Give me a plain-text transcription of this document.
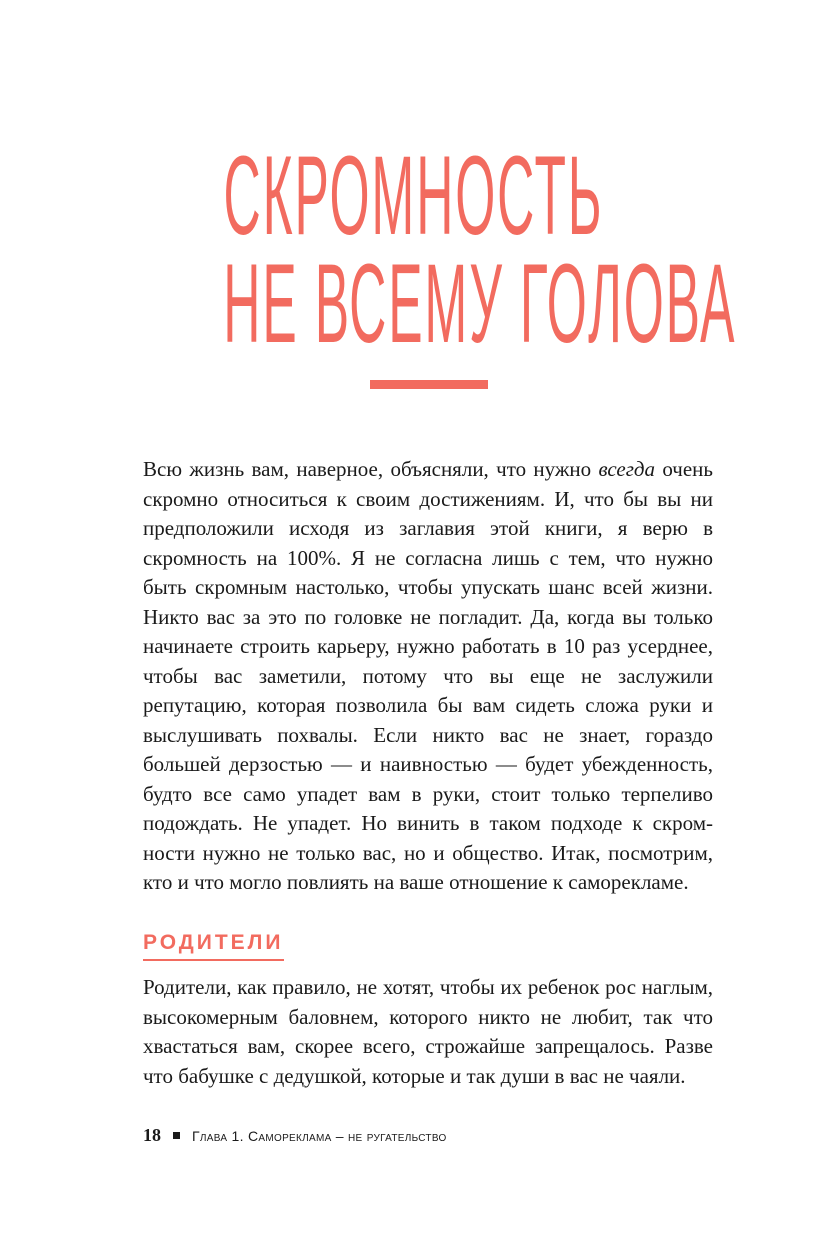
СКРОМНОСТЬ
НЕ ВСЕМУ ГОЛОВА

Всю жизнь вам, наверное, объясняли, что нужно всегда очень скромно относиться к своим достижениям. И, что бы вы ни предположили исходя из заглавия этой книги, я верю в скромность на 100%. Я не согласна лишь с тем, что нужно быть скромным настолько, чтобы упускать шанс всей жизни. Никто вас за это по головке не погладит. Да, когда вы только начинаете строить карьеру, нужно работать в 10 раз усерднее, чтобы вас заметили, потому что вы еще не заслужили репутацию, которая позволила бы вам сидеть сложа руки и выслушивать похвалы. Если никто вас не знает, гораздо большей дерзостью — и наивностью — будет убежденность, будто все само упадет вам в руки, стоит только терпеливо подождать. Не упадет. Но винить в таком подходе к скромности нужно не только вас, но и общество. Итак, посмотрим, кто и что могло повлиять на ваше отношение к саморекламе.

РОДИТЕЛИ

Родители, как правило, не хотят, чтобы их ребенок рос наглым, высокомерным баловнем, которого никто не любит, так что хвастаться вам, скорее всего, строжайше запрещалось. Разве что бабушке с дедушкой, которые и так души в вас не чаяли.

18 Глава 1. Самореклама – не ругательство
